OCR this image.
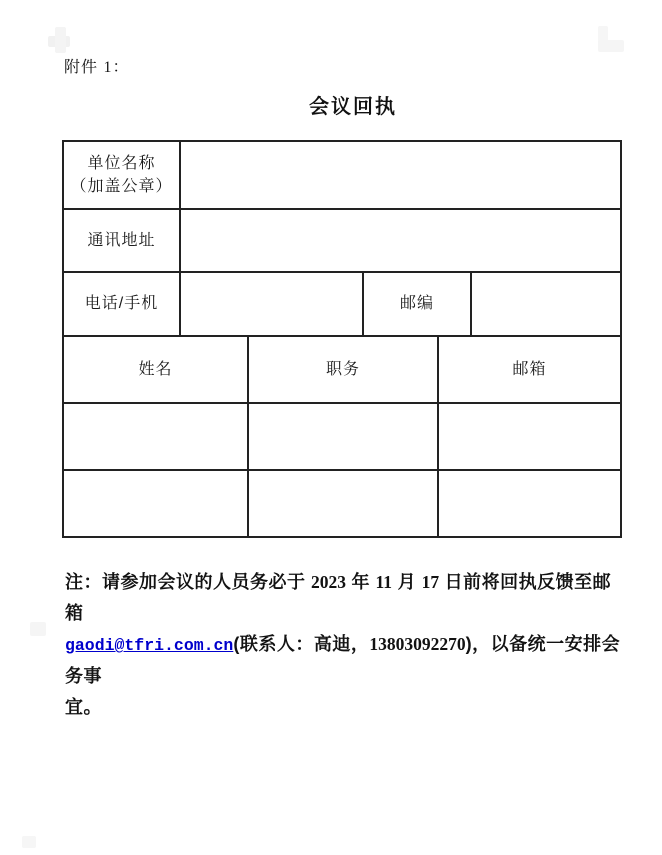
附件 1：
会议回执
单位名称
（加盖公章）			
通讯地址			
电话/手机		邮编	
姓名	职务	邮箱

注：请参加会议的人员务必于 2023 年 11 月 17 日前将回执反馈至邮箱
gaodi@tfri.com.cn(联系人：高迪，13803092270)，以备统一安排会务事
宜。
